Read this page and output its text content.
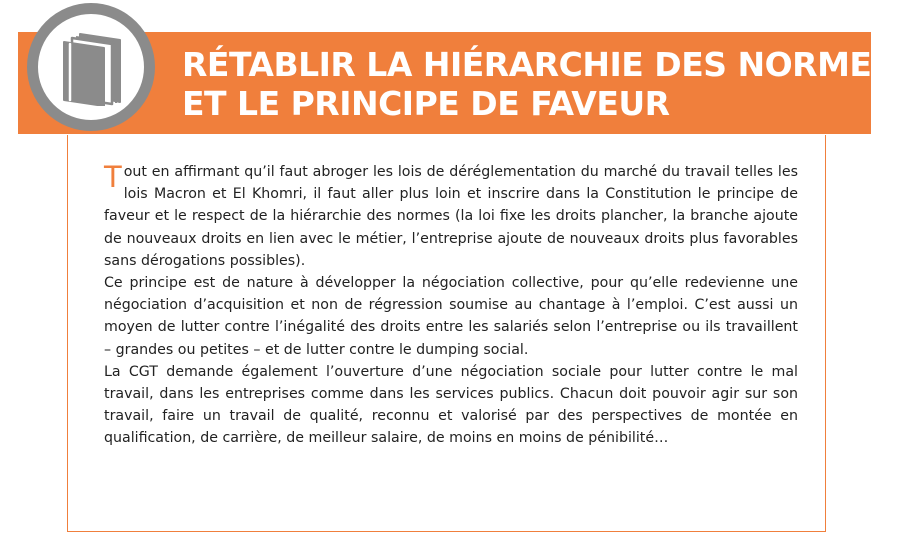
RÉTABLIR LA HIÉRARCHIE DES NORMES
ET LE PRINCIPE DE FAVEUR

Tout en affirmant qu’il faut abroger les lois de déréglementation du marché du travail telles les lois Macron et El Khomri, il faut aller plus loin et inscrire dans la Constitution le principe de faveur et le respect de la hiérarchie des normes (la loi fixe les droits plancher, la branche ajoute de nouveaux droits en lien avec le métier, l’entreprise ajoute de nouveaux droits plus favorables sans dérogations possibles).

Ce principe est de nature à développer la négociation collective, pour qu’elle redevienne une négociation d’acquisition et non de régression soumise au chantage à l’emploi. C’est aussi un moyen de lutter contre l’inégalité des droits entre les salariés selon l’entreprise ou ils travaillent – grandes ou petites – et de lutter contre le dumping social.

La CGT demande également l’ouverture d’une négociation sociale pour lutter contre le mal travail, dans les entreprises comme dans les services publics. Chacun doit pouvoir agir sur son travail, faire un travail de qualité, reconnu et valorisé par des perspectives de montée en qualification, de carrière, de meilleur salaire, de moins en moins de pénibilité…
